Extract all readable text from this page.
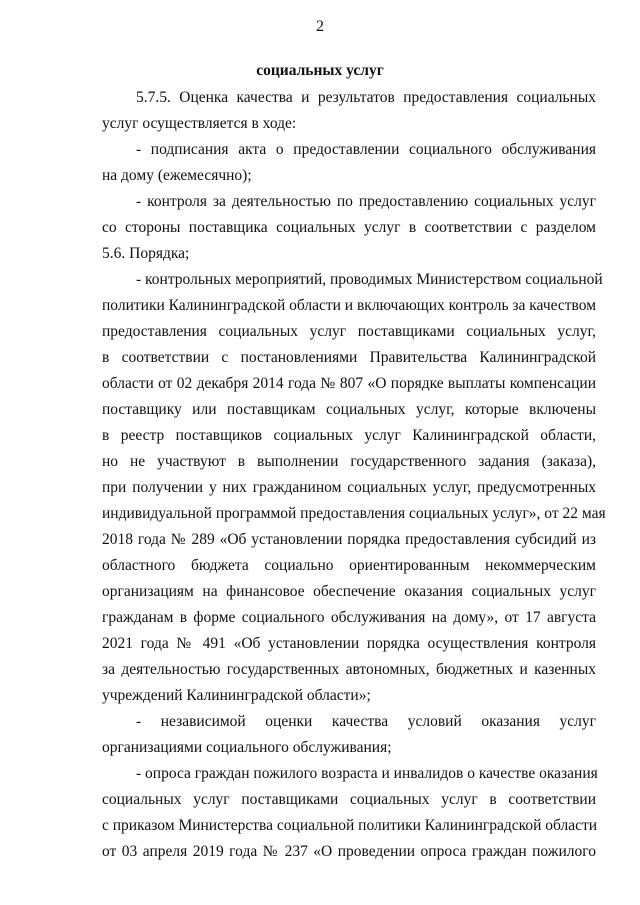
2
социальных услуг
5.7.5. Оценка качества и результатов предоставления социальных
услуг осуществляется в ходе:
- подписания акта о предоставлении социального обслуживания
на дому (ежемесячно);
- контроля за деятельностью по предоставлению социальных услуг
со стороны поставщика социальных услуг в соответствии с разделом
5.6. Порядка;
- контрольных мероприятий, проводимых Министерством социальной
политики Калининградской области и включающих контроль за качеством
предоставления социальных услуг поставщиками социальных услуг,
в соответствии с постановлениями Правительства Калининградской
области от 02 декабря 2014 года № 807 «О порядке выплаты компенсации
поставщику или поставщикам социальных услуг, которые включены
в реестр поставщиков социальных услуг Калининградской области,
но не участвуют в выполнении государственного задания (заказа),
при получении у них гражданином социальных услуг, предусмотренных
индивидуальной программой предоставления социальных услуг», от 22 мая
2018 года № 289 «Об установлении порядка предоставления субсидий из
областного бюджета социально ориентированным некоммерческим
организациям на финансовое обеспечение оказания социальных услуг
гражданам в форме социального обслуживания на дому», от 17 августа
2021 года № 491 «Об установлении порядка осуществления контроля
за деятельностью государственных автономных, бюджетных и казенных
учреждений Калининградской области»;
- независимой оценки качества условий оказания услуг
организациями социального обслуживания;
- опроса граждан пожилого возраста и инвалидов о качестве оказания
социальных услуг поставщиками социальных услуг в соответствии
с приказом Министерства социальной политики Калининградской области
от 03 апреля 2019 года № 237 «О проведении опроса граждан пожилого
